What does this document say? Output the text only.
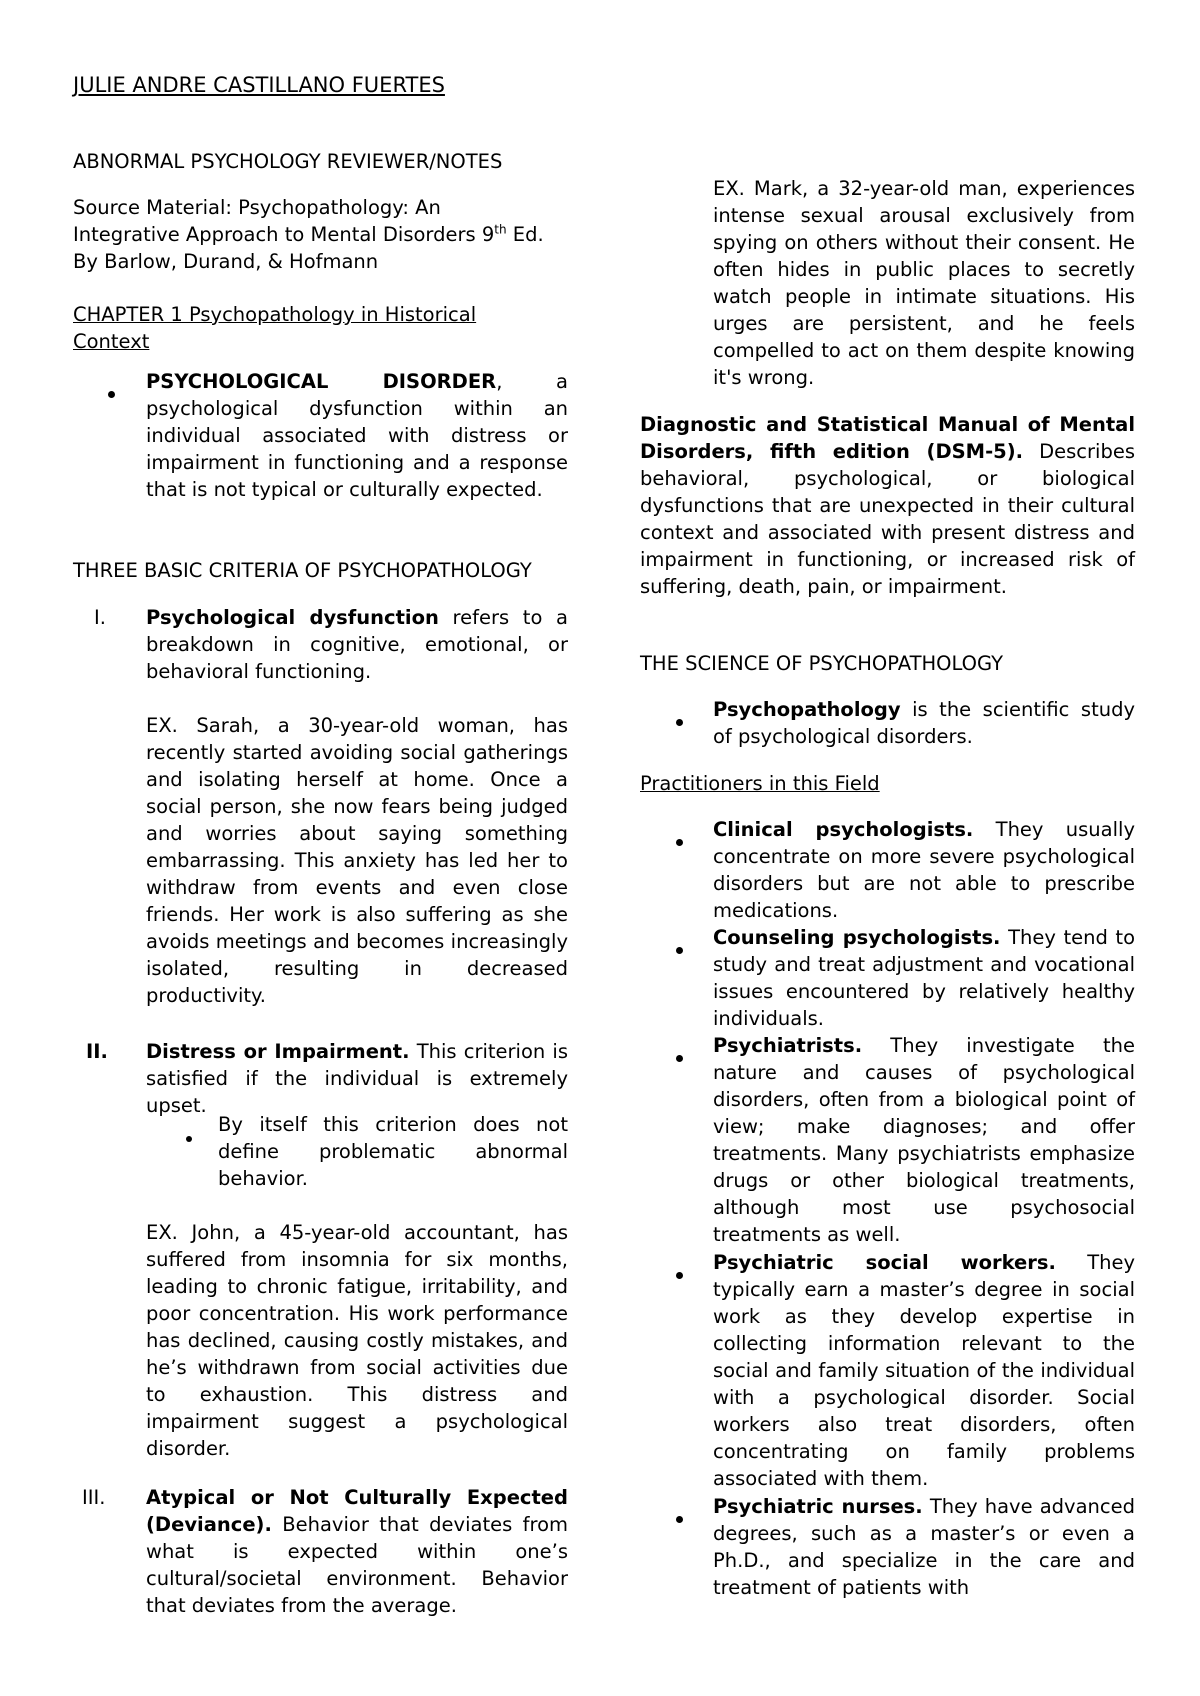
JULIE ANDRE CASTILLANO FUERTES
ABNORMAL PSYCHOLOGY REVIEWER/NOTES
Source Material: Psychopathology: An
Integrative Approach to Mental Disorders 9th Ed.
By Barlow, Durand, & Hofmann
CHAPTER 1 Psychopathology in Historical
Context
PSYCHOLOGICAL DISORDER, a psychological dysfunction within an individual associated with distress or impairment in functioning and a response that is not typical or culturally expected.
THREE BASIC CRITERIA OF PSYCHOPATHOLOGY
I. Psychological dysfunction refers to a breakdown in cognitive, emotional, or behavioral functioning.
EX. Sarah, a 30-year-old woman, has recently started avoiding social gatherings and isolating herself at home. Once a social person, she now fears being judged and worries about saying something embarrassing. This anxiety has led her to withdraw from events and even close friends. Her work is also suffering as she avoids meetings and becomes increasingly isolated, resulting in decreased productivity.
II. Distress or Impairment. This criterion is satisfied if the individual is extremely upset.
By itself this criterion does not define problematic abnormal behavior.
EX. John, a 45-year-old accountant, has suffered from insomnia for six months, leading to chronic fatigue, irritability, and poor concentration. His work performance has declined, causing costly mistakes, and he’s withdrawn from social activities due to exhaustion. This distress and impairment suggest a psychological disorder.
III. Atypical or Not Culturally Expected (Deviance). Behavior that deviates from what is expected within one’s cultural/societal environment. Behavior that deviates from the average.
EX. Mark, a 32-year-old man, experiences intense sexual arousal exclusively from spying on others without their consent. He often hides in public places to secretly watch people in intimate situations. His urges are persistent, and he feels compelled to act on them despite knowing it's wrong.
Diagnostic and Statistical Manual of Mental Disorders, fifth edition (DSM-5). Describes behavioral, psychological, or biological dysfunctions that are unexpected in their cultural context and associated with present distress and impairment in functioning, or increased risk of suffering, death, pain, or impairment.
THE SCIENCE OF PSYCHOPATHOLOGY
Psychopathology is the scientific study of psychological disorders.
Practitioners in this Field
Clinical psychologists. They usually concentrate on more severe psychological disorders but are not able to prescribe medications.
Counseling psychologists. They tend to study and treat adjustment and vocational issues encountered by relatively healthy individuals.
Psychiatrists. They investigate the nature and causes of psychological disorders, often from a biological point of view; make diagnoses; and offer treatments. Many psychiatrists emphasize drugs or other biological treatments, although most use psychosocial treatments as well.
Psychiatric social workers. They typically earn a master’s degree in social work as they develop expertise in collecting information relevant to the social and family situation of the individual with a psychological disorder. Social workers also treat disorders, often concentrating on family problems associated with them.
Psychiatric nurses. They have advanced degrees, such as a master’s or even a Ph.D., and specialize in the care and treatment of patients with
